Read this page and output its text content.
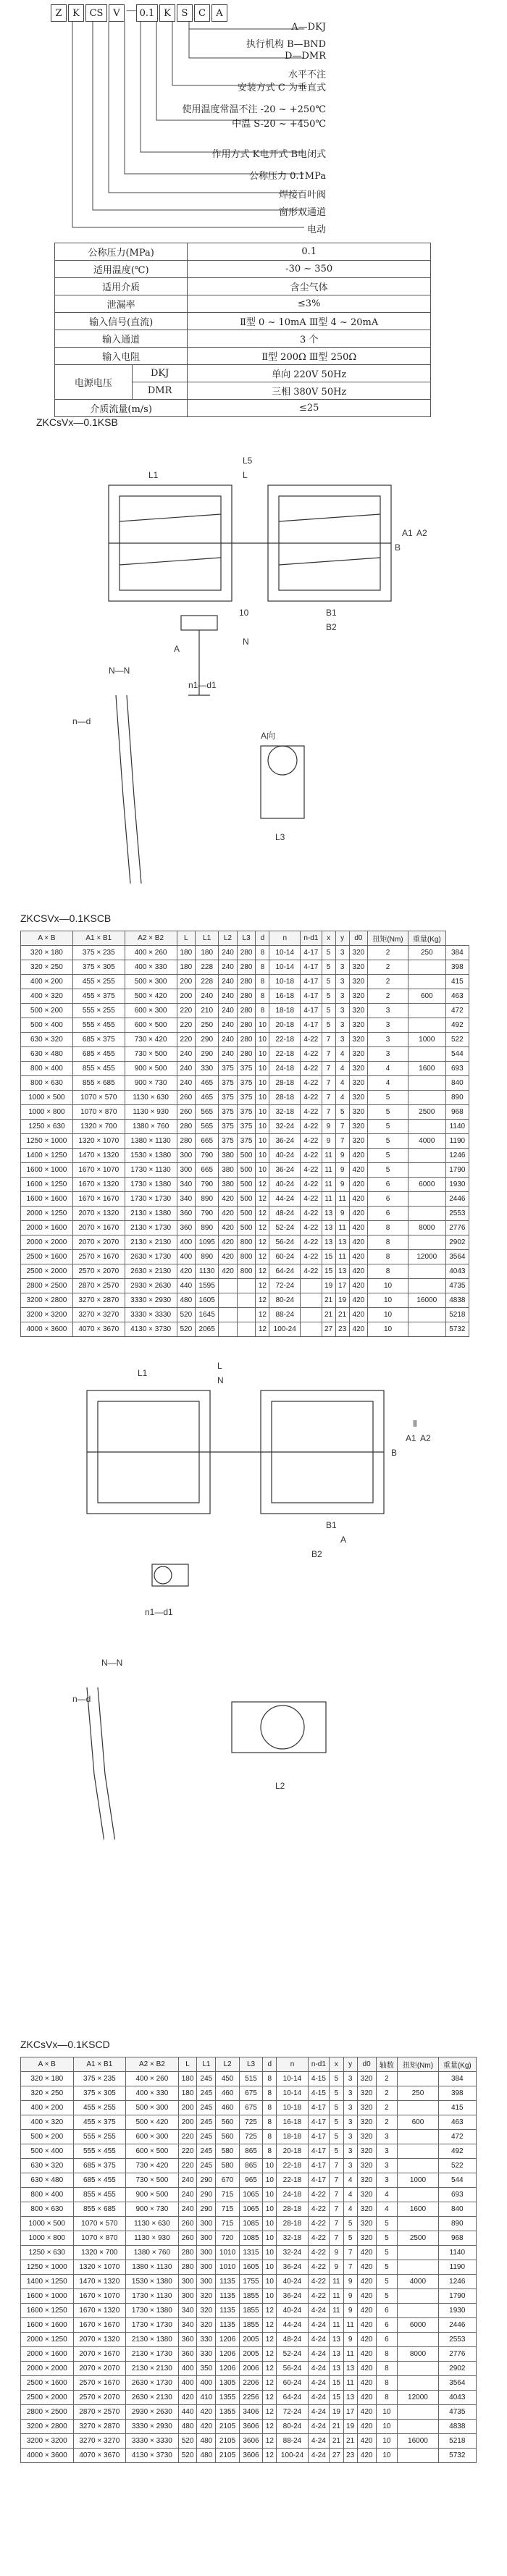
Z	K	CS	V — 0.1 K	S	C	A
A—DKJ
执行机构 B—BND
D—DMR
水平不注
安装方式 C 为垂直式
使用温度常温不注 -20 ~ +250℃
中温 S-20 ~ +450℃
作用方式 K电开式 B电闭式
公称压力 0.1MPa
焊接百叶阀
窗形双通道
电动
公称压力(MPa)		0.1
适用温度(℃)		-30 ~ 350
适用介质		含尘气体
泄漏率		≤3%
输入信号(直流)		Ⅱ型 0 ~ 10mA Ⅲ型 4 ~ 20mA
输入通道		3 个
输入电阻		Ⅱ型 200Ω Ⅲ型 250Ω
电源电压	DKJ	单向 220V 50Hz
	DMR	三相 380V 50Hz
介质流量(m/s)		≤25
ZKCsVx—0.1KSB
L1
L5
L
A
B
A1 A2
B1
B2
10
N
N—N
n1—d1
A向
L3
n—d
ZKCSVx—0.1KSCB
A × B	A1 × B1	A2 × B2	L	L1	L2	L3	d	n	n-d1	x	y	d0	扭矩(Nm)	重量(Kg)	
320 × 180	375 × 235	400 × 260	180	180	240	280	8	10-14	4-17	5	3	320	2	250	384
320 × 250	375 × 305	400 × 330	180	228	240	280	8	10-14	4-17	5	3	320	2		398
400 × 200	455 × 255	500 × 300	200	228	240	280	8	10-18	4-17	5	3	320	2		415
400 × 320	455 × 375	500 × 420	200	240	240	280	8	16-18	4-17	5	3	320	2	600	463
500 × 200	555 × 255	600 × 300	220	210	240	280	8	18-18	4-17	5	3	320	3		472
500 × 400	555 × 455	600 × 500	220	250	240	280	10	20-18	4-17	5	3	320	3		492
630 × 320	685 × 375	730 × 420	220	290	240	280	10	22-18	4-22	7	3	320	3	1000	522
630 × 480	685 × 455	730 × 500	240	290	240	280	10	22-18	4-22	7	4	320	3		544
800 × 400	855 × 455	900 × 500	240	330	375	375	10	24-18	4-22	7	4	320	4	1600	693
800 × 630	855 × 685	900 × 730	240	465	375	375	10	28-18	4-22	7	4	320	4		840
1000 × 500	1070 × 570	1130 × 630	260	465	375	375	10	28-18	4-22	7	4	320	5		890
1000 × 800	1070 × 870	1130 × 930	260	565	375	375	10	32-18	4-22	7	5	320	5	2500	968
1250 × 630	1320 × 700	1380 × 760	280	565	375	375	10	32-24	4-22	9	7	320	5		1140
1250 × 1000	1320 × 1070	1380 × 1130	280	665	375	375	10	36-24	4-22	9	7	320	5	4000	1190
1400 × 1250	1470 × 1320	1530 × 1380	300	790	380	500	10	40-24	4-22	11	9	420	5		1246
1600 × 1000	1670 × 1070	1730 × 1130	300	665	380	500	10	36-24	4-22	11	9	420	5		1790
1600 × 1250	1670 × 1320	1730 × 1380	340	790	380	500	12	40-24	4-22	11	9	420	6	6000	1930
1600 × 1600	1670 × 1670	1730 × 1730	340	890	420	500	12	44-24	4-22	11	11	420	6		2446
2000 × 1250	2070 × 1320	2130 × 1380	360	790	420	500	12	48-24	4-22	13	9	420	6		2553
2000 × 1600	2070 × 1670	2130 × 1730	360	890	420	500	12	52-24	4-22	13	11	420	8	8000	2776
2000 × 2000	2070 × 2070	2130 × 2130	400	1095	420	800	12	56-24	4-22	13	13	420	8		2902
2500 × 1600	2570 × 1670	2630 × 1730	400	890	420	800	12	60-24	4-22	15	11	420	8	12000	3564
2500 × 2000	2570 × 2070	2630 × 2130	420	1130	420	800	12	64-24	4-22	15	13	420	8		4043
2800 × 2500	2870 × 2570	2930 × 2630	440	1595			12	72-24		19	17	420	10		4735
3200 × 2800	3270 × 2870	3330 × 2930	480	1605			12	80-24		21	19	420	10	16000	4838
3200 × 3200	3270 × 3270	3330 × 3330	520	1645			12	88-24		21	21	420	10		5218
4000 × 3600	4070 × 3670	4130 × 3730	520	2065			12	100-24		27	23	420	10		5732
L1
L
A
B
A1 A2
B1
B2
N
N—N
n1—d1
L2
n—d
Ⅱ
ZKCsVx—0.1KSCD
A × B	A1 × B1	A2 × B2	L	L1	L2	L3	d	n	n-d1	x	y	d0	轴数	扭矩(Nm)	重量(Kg)
320 × 180	375 × 235	400 × 260	180	245	450	515	8	10-14	4-15	5	3	320	2		384
320 × 250	375 × 305	400 × 330	180	245	460	675	8	10-14	4-15	5	3	320	2	250	398
400 × 200	455 × 255	500 × 300	200	245	460	675	8	10-18	4-17	5	3	320	2		415
400 × 320	455 × 375	500 × 420	200	245	560	725	8	16-18	4-17	5	3	320	2	600	463
500 × 200	555 × 255	600 × 300	220	245	560	725	8	18-18	4-17	5	3	320	3		472
500 × 400	555 × 455	600 × 500	220	245	580	865	8	20-18	4-17	5	3	320	3		492
630 × 320	685 × 375	730 × 420	220	245	580	865	10	22-18	4-17	7	3	320	3		522
630 × 480	685 × 455	730 × 500	240	290	670	965	10	22-18	4-17	7	4	320	3	1000	544
800 × 400	855 × 455	900 × 500	240	290	715	1065	10	24-18	4-22	7	4	320	4		693
800 × 630	855 × 685	900 × 730	240	290	715	1065	10	28-18	4-22	7	4	320	4	1600	840
1000 × 500	1070 × 570	1130 × 630	260	300	715	1085	10	28-18	4-22	7	5	320	5		890
1000 × 800	1070 × 870	1130 × 930	260	300	720	1085	10	32-18	4-22	7	5	320	5	2500	968
1250 × 630	1320 × 700	1380 × 760	280	300	1010	1315	10	32-24	4-22	9	7	420	5		1140
1250 × 1000	1320 × 1070	1380 × 1130	280	300	1010	1605	10	36-24	4-22	9	7	420	5		1190
1400 × 1250	1470 × 1320	1530 × 1380	300	300	1135	1755	10	40-24	4-22	11	9	420	5	4000	1246
1600 × 1000	1670 × 1070	1730 × 1130	300	320	1135	1855	10	36-24	4-22	11	9	420	5		1790
1600 × 1250	1670 × 1320	1730 × 1380	340	320	1135	1855	12	40-24	4-24	11	9	420	6		1930
1600 × 1600	1670 × 1670	1730 × 1730	340	320	1135	1855	12	44-24	4-24	11	11	420	6	6000	2446
2000 × 1250	2070 × 1320	2130 × 1380	360	330	1206	2005	12	48-24	4-24	13	9	420	6		2553
2000 × 1600	2070 × 1670	2130 × 1730	360	330	1206	2005	12	52-24	4-24	13	11	420	8	8000	2776
2000 × 2000	2070 × 2070	2130 × 2130	400	350	1206	2006	12	56-24	4-24	13	13	420	8		2902
2500 × 1600	2570 × 1670	2630 × 1730	400	400	1305	2206	12	60-24	4-24	15	11	420	8		3564
2500 × 2000	2570 × 2070	2630 × 2130	420	410	1355	2256	12	64-24	4-24	15	13	420	8	12000	4043
2800 × 2500	2870 × 2570	2930 × 2630	440	420	1355	3406	12	72-24	4-24	19	17	420	10		4735
3200 × 2800	3270 × 2870	3330 × 2930	480	420	2105	3606	12	80-24	4-24	21	19	420	10		4838
3200 × 3200	3270 × 3270	3330 × 3330	520	480	2105	3606	12	88-24	4-24	21	21	420	10	16000	5218
4000 × 3600	4070 × 3670	4130 × 3730	520	480	2105	3606	12	100-24	4-24	27	23	420	10		5732
